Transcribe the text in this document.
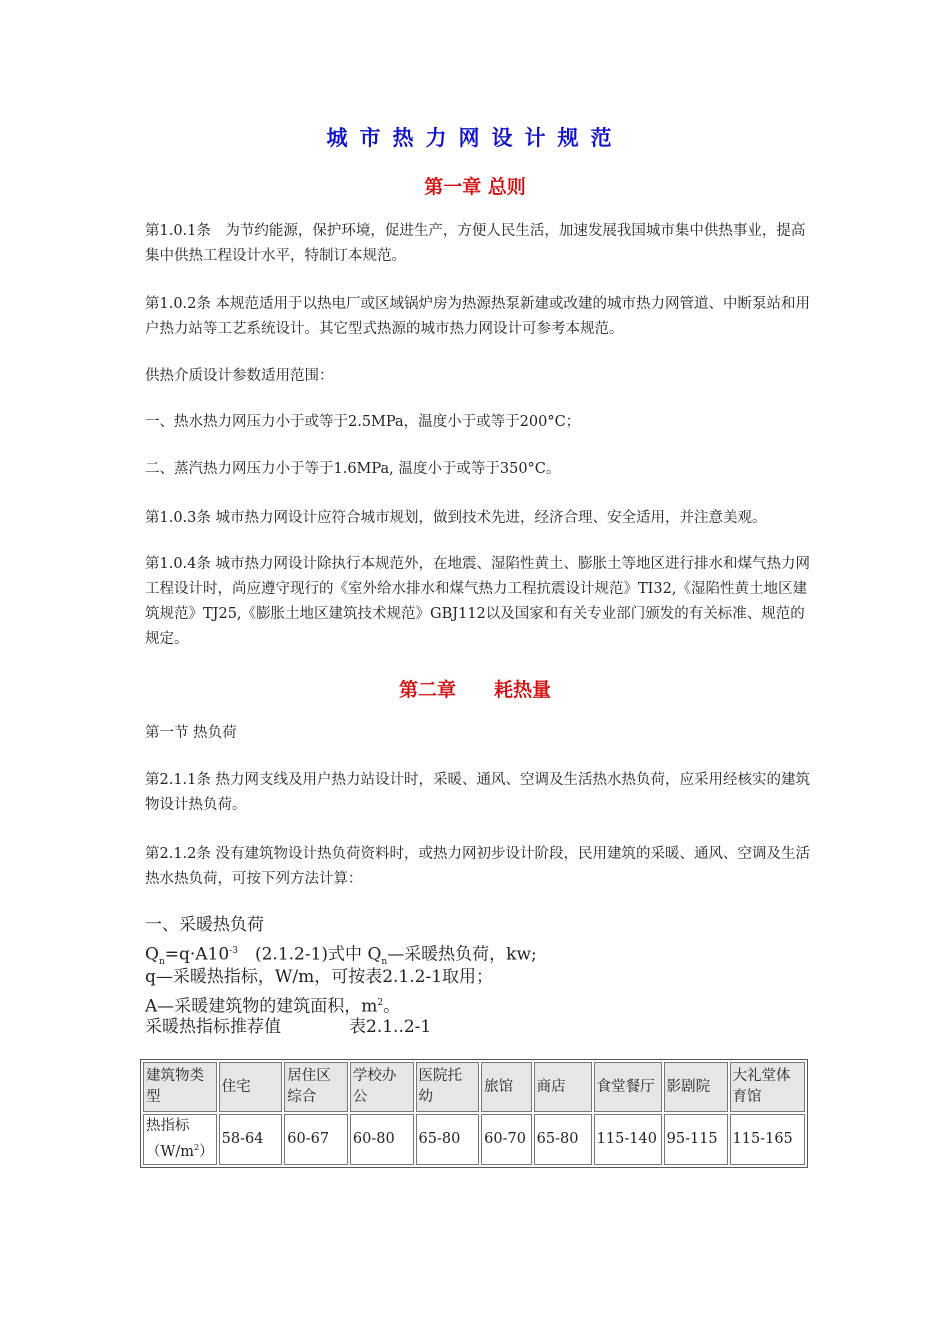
城市热力网设计规范
第一章 总则

第1.0.1条　为节约能源，保护环境，促进生产，方便人民生活，加速发展我国城市集中供热事业，提高集中供热工程设计水平，特制订本规范。

第1.0.2条 本规范适用于以热电厂或区域锅炉房为热源热泵新建或改建的城市热力网管道、中断泵站和用户热力站等工艺系统设计。其它型式热源的城市热力网设计可参考本规范。

供热介质设计参数适用范围：

一、热水热力网压力小于或等于2.5MPa，温度小于或等于200°C；

二、蒸汽热力网压力小于等于1.6MPa, 温度小于或等于350°C。

第1.0.3条 城市热力网设计应符合城市规划，做到技术先进，经济合理、安全适用，并注意美观。

第1.0.4条 城市热力网设计除执行本规范外，在地震、湿陷性黄土、膨胀土等地区进行排水和煤气热力网工程设计时，尚应遵守现行的《室外给水排水和煤气热力工程抗震设计规范》TI32,《湿陷性黄土地区建筑规范》TJ25,《膨胀土地区建筑技术规范》GBJ112以及国家和有关专业部门颁发的有关标准、规范的规定。

第二章　　耗热量

第一节 热负荷

第2.1.1条 热力网支线及用户热力站设计时，采暖、通风、空调及生活热水热负荷，应采用经核实的建筑物设计热负荷。

第2.1.2条 没有建筑物设计热负荷资料时，或热力网初步设计阶段，民用建筑的采暖、通风、空调及生活热水热负荷，可按下列方法计算：

一、采暖热负荷

$Q_n=q\cdot A10^{-3}$　(2.1.2-1)式中 $Q_n—$采暖热负荷，kw;

q—采暖热指标，W/m，可按表2.1.2-1取用；

A—采暖建筑物的建筑面积，$m^2$。

采暖热指标推荐值　　　　表2.1..2-1

建筑物类型	住宅	居住区综合	学校办公	医院托幼	旅馆	商店	食堂餐厅	影剧院	大礼堂体育馆
热指标$(W/m^2)$	58-64	60-67	60-80	65-80	60-70	65-80	115-140	95-115	115-165
